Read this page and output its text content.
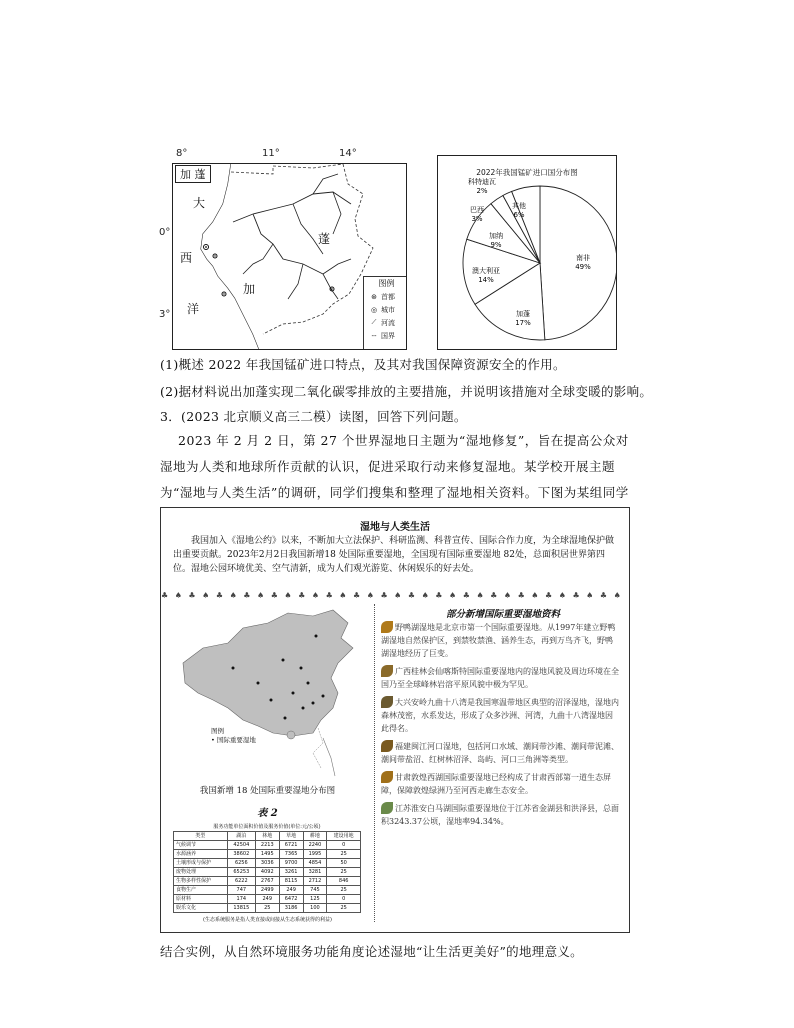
8°	11°	14°
0°
3°
加 蓬
大
西
洋
加
蓬
图例
⊛ 首都
◎ 城市
⟋ 河流
-- 国界
2022年我国锰矿进口国分布图
南非
49%
加蓬
17%
澳大利亚
14%
加纳
9%
巴西
3%
科特迪瓦
2%
其他
6%
(1)概述 2022 年我国锰矿进口特点，及其对我国保障资源安全的作用。
(2)据材料说出加蓬实现二氧化碳零排放的主要措施，并说明该措施对全球变暖的影响。
3．(2023 北京顺义高三二模）读图，回答下列问题。
2023 年 2 月 2 日，第 27 个世界湿地日主题为“湿地修复”，旨在提高公众对湿地为人类和地球所作贡献的认识，促进采取行动来修复湿地。某学校开展主题为“湿地与人类生活”的调研，同学们搜集和整理了湿地相关资料。下图为某组同学
湿地与人类生活
我国加入《湿地公约》以来，不断加大立法保护、科研监测、科普宣传、国际合作力度，为全球湿地保护做出重要贡献。2023年2月2日我国新增18 处国际重要湿地，全国现有国际重要湿地 82处，总面积居世界第四位。湿地公园环境优美、空气清新，成为人们观光游览、休闲娱乐的好去处。
♣ ♠ ♣ ♠ ♣ ♠ ♣ ♠ ♣ ♠ ♣ ♠ ♣ ♠ ♣ ♠ ♣ ♠ ♣ ♠ ♣ ♠ ♣ ♠ ♣ ♠ ♣ ♠ ♣ ♠ ♣ ♠ ♣ ♠
图例
• 国际重要湿地
我国新增 18 处国际重要湿地分布图
表 2
服务功能单位面积价值及服务价值(单位:元/公顷)
类型	湖泊	林地	草地	耕地	建设用地
气候调节	42504	2213	6721	2240	0
水源涵养	38602	1495	7365	1995	25
土壤形成与保护	6256	3036	9700	4854	50
废物处理	65253	4092	3261	3281	25
生物多样性保护	6222	2767	8115	2712	846
食物生产	747	2499	249	745	25
原材料	174	249	6472	125	0
娱乐文化	13815	25	3186	100	25
(生态系统服务是指人类直接或间接从生态系统获得的利益)
部分新增国际重要湿地资料
野鸭湖湿地是北京市第一个国际重要湿地。从1997年建立野鸭湖湿地自然保护区，到禁牧禁渔、涵养生态，再到万鸟齐飞，野鸭湖湿地经历了巨变。
广西桂林会仙喀斯特国际重要湿地内的湿地风貌及周边环境在全国乃至全球峰林岩溶平原风貌中极为罕见。
大兴安岭九曲十八湾是我国寒温带地区典型的沼泽湿地，湿地内森林茂密，水系发达，形成了众多沙洲、河湾，九曲十八湾湿地因此得名。
福建闽江河口湿地，包括河口水域、潮间带沙滩、潮间带泥滩、潮间带盐沼、红树林沼泽、岛屿、河口三角洲等类型。
甘肃敦煌西湖国际重要湿地已经构成了甘肃西部第一道生态屏障，保障敦煌绿洲乃至河西走廊生态安全。
江苏淮安白马湖国际重要湿地位于江苏省金湖县和洪泽县，总面积3243.37公顷，湿地率94.34%。
结合实例，从自然环境服务功能角度论述湿地“让生活更美好”的地理意义。
